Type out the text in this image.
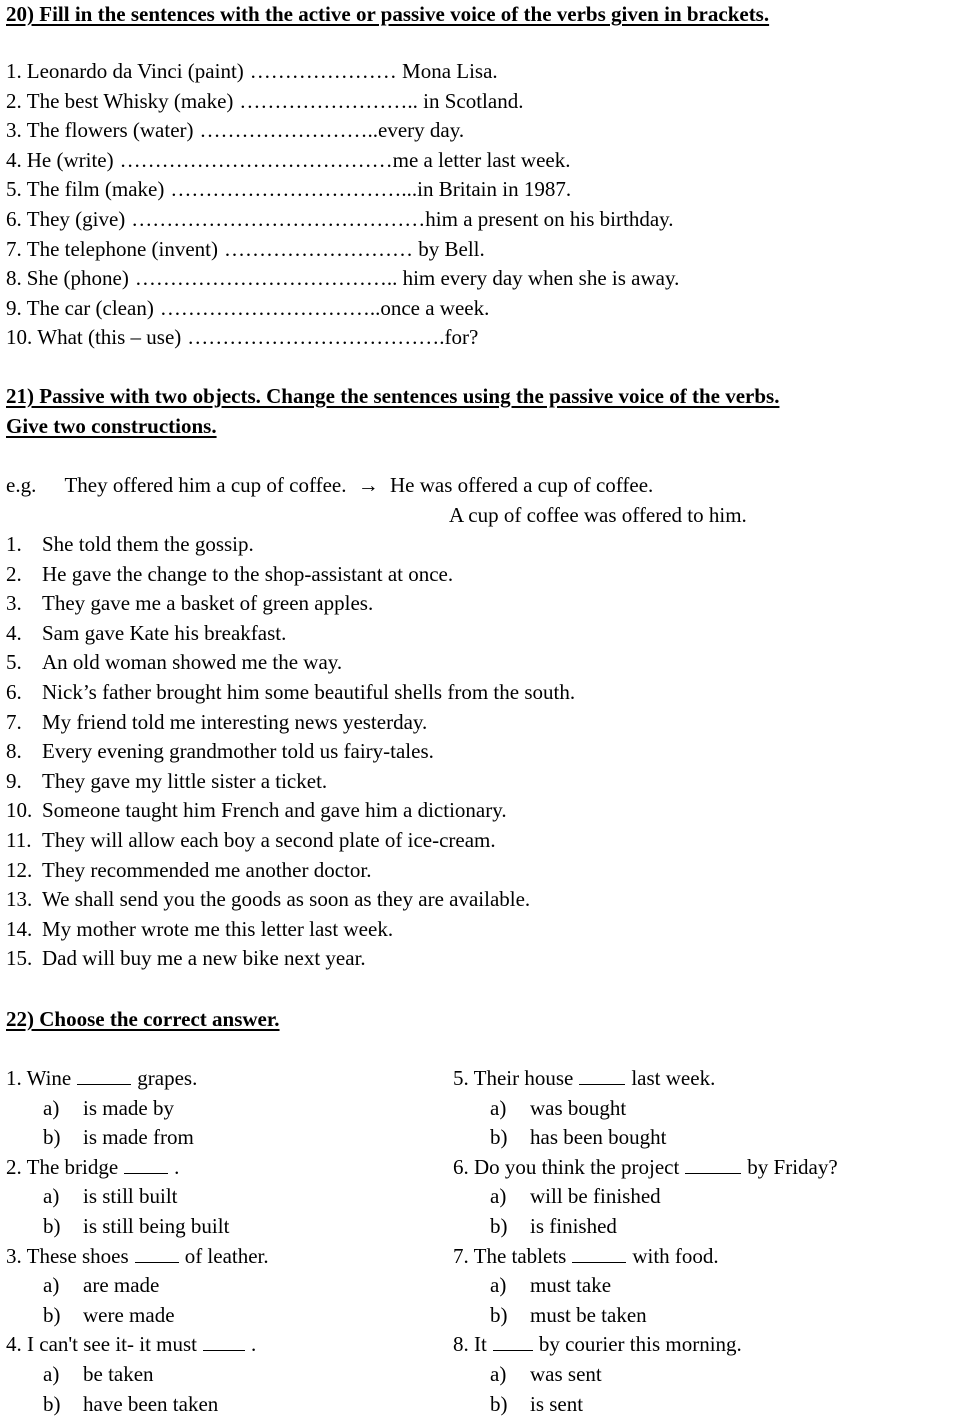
20) Fill in the sentences with the active or passive voice of the verbs given in brackets.
1. Leonardo da Vinci (paint) ………………… Mona Lisa.
2. The best Whisky (make) …………………….. in Scotland.
3. The flowers (water) ……………………..every day.
4. He (write) …………………………………me a letter last week.
5. The film (make) ……………………………...in Britain in 1987.
6. They (give) ……………………………………him a present on his birthday.
7. The telephone (invent) ……………………… by Bell.
8. She (phone) ……………………………….. him every day when she is away.
9. The car (clean) …………………………..once a week.
10. What (this – use) ……………………………….for?
21) Passive with two objects. Change the sentences using the passive voice of the verbs.
Give two constructions.
e.g. They offered him a cup of coffee. → He was offered a cup of coffee.
A cup of coffee was offered to him.
1. She told them the gossip.
2. He gave the change to the shop-assistant at once.
3. They gave me a basket of green apples.
4. Sam gave Kate his breakfast.
5. An old woman showed me the way.
6. Nick’s father brought him some beautiful shells from the south.
7. My friend told me interesting news yesterday.
8. Every evening grandmother told us fairy-tales.
9. They gave my little sister a ticket.
10. Someone taught him French and gave him a dictionary.
11. They will allow each boy a second plate of ice-cream.
12. They recommended me another doctor.
13. We shall send you the goods as soon as they are available.
14. My mother wrote me this letter last week.
15. Dad will buy me a new bike next year.
22) Choose the correct answer.
1. Wine	grapes.
a) is made by
b) is made from
2. The bridge	.
a) is still built
b) is still being built
3. These shoes	of leather.
a) are made
b) were made
4. I can't see it- it must	.
a) be taken
b) have been taken
5. Their house	last week.
a) was bought
b) has been bought
6. Do you think the project	by Friday?
a) will be finished
b) is finished
7. The tablets	with food.
a) must take
b) must be taken
8. It by courier this morning.
a) was sent
b) is sent
